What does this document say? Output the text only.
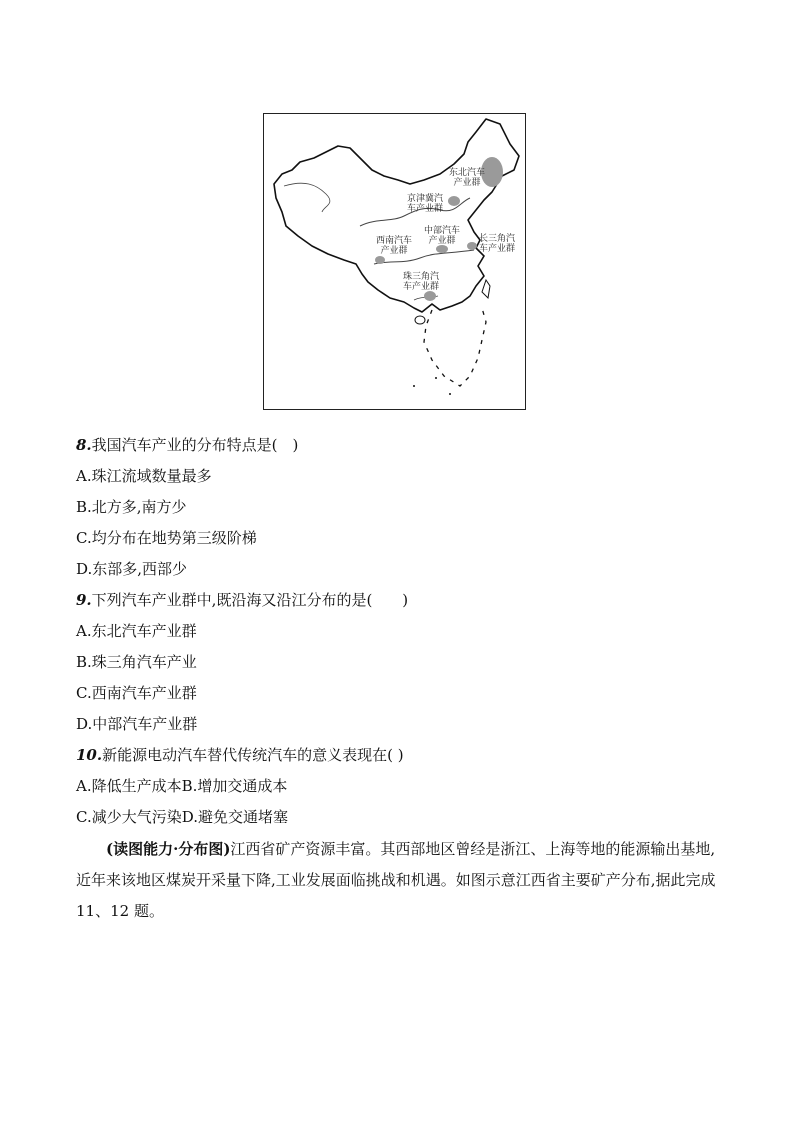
东北汽车
产业群
京津冀汽
车产业群
中部汽车
产业群
西南汽车
产业群
长三角汽
车产业群
珠三角汽
车产业群
8.我国汽车产业的分布特点是(　)
A.珠江流域数量最多
B.北方多,南方少
C.均分布在地势第三级阶梯
D.东部多,西部少
9.下列汽车产业群中,既沿海又沿江分布的是(　　)
A.东北汽车产业群
B.珠三角汽车产业
C.西南汽车产业群
D.中部汽车产业群
10.新能源电动汽车替代传统汽车的意义表现在( )
A.降低生产成本B.增加交通成本
C.减少大气污染D.避免交通堵塞
(读图能力·分布图)江西省矿产资源丰富。其西部地区曾经是浙江、上海等地的能源输出基地,近年来该地区煤炭开采量下降,工业发展面临挑战和机遇。如图示意江西省主要矿产分布,据此完成 11、12 题。
